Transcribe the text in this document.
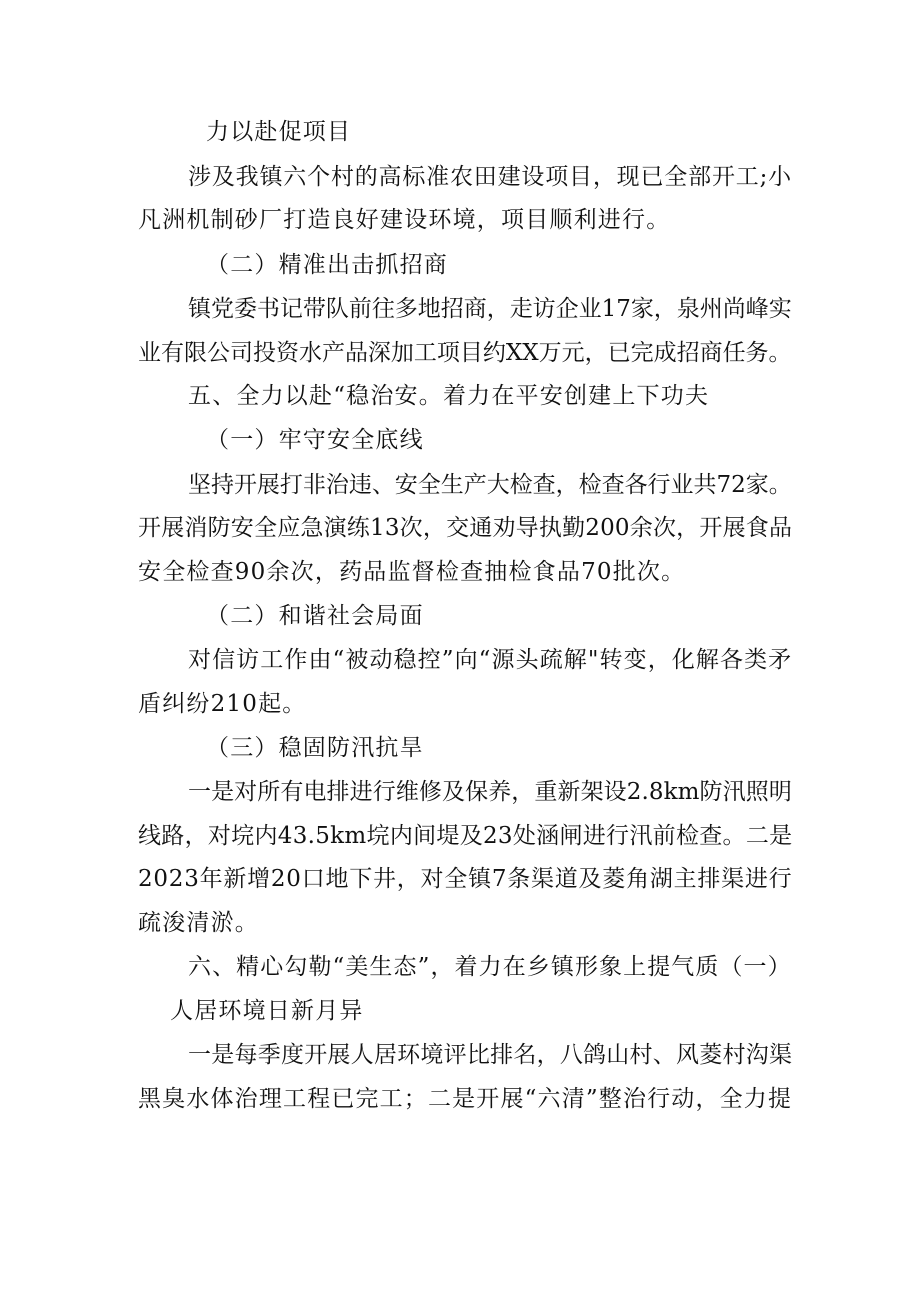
力以赴促项目
涉及我镇六个村的高标准农田建设项目，现已全部开工;小
凡洲机制砂厂打造良好建设环境，项目顺利进行。
（二）精准出击抓招商
镇党委书记带队前往多地招商，走访企业17家，泉州尚峰实
业有限公司投资水产品深加工项目约XX万元，已完成招商任务。
五、全力以赴“稳治安。着力在平安创建上下功夫
（一）牢守安全底线
坚持开展打非治违、安全生产大检查，检查各行业共72家。
开展消防安全应急演练13次，交通劝导执勤200余次，开展食品
安全检查90余次，药品监督检查抽检食品70批次。
（二）和谐社会局面
对信访工作由“被动稳控”向“源头疏解"转变，化解各类矛
盾纠纷210起。
（三）稳固防汛抗旱
一是对所有电排进行维修及保养，重新架设2.8km防汛照明
线路，对垸内43.5km垸内间堤及23处涵闸进行汛前检查。二是
2023年新增20口地下井，对全镇7条渠道及菱角湖主排渠进行
疏浚清淤。
六、精心勾勒“美生态”，着力在乡镇形象上提气质（一）
人居环境日新月异
一是每季度开展人居环境评比排名，八鸽山村、风菱村沟渠
黑臭水体治理工程已完工；二是开展“六清”整治行动，全力提
